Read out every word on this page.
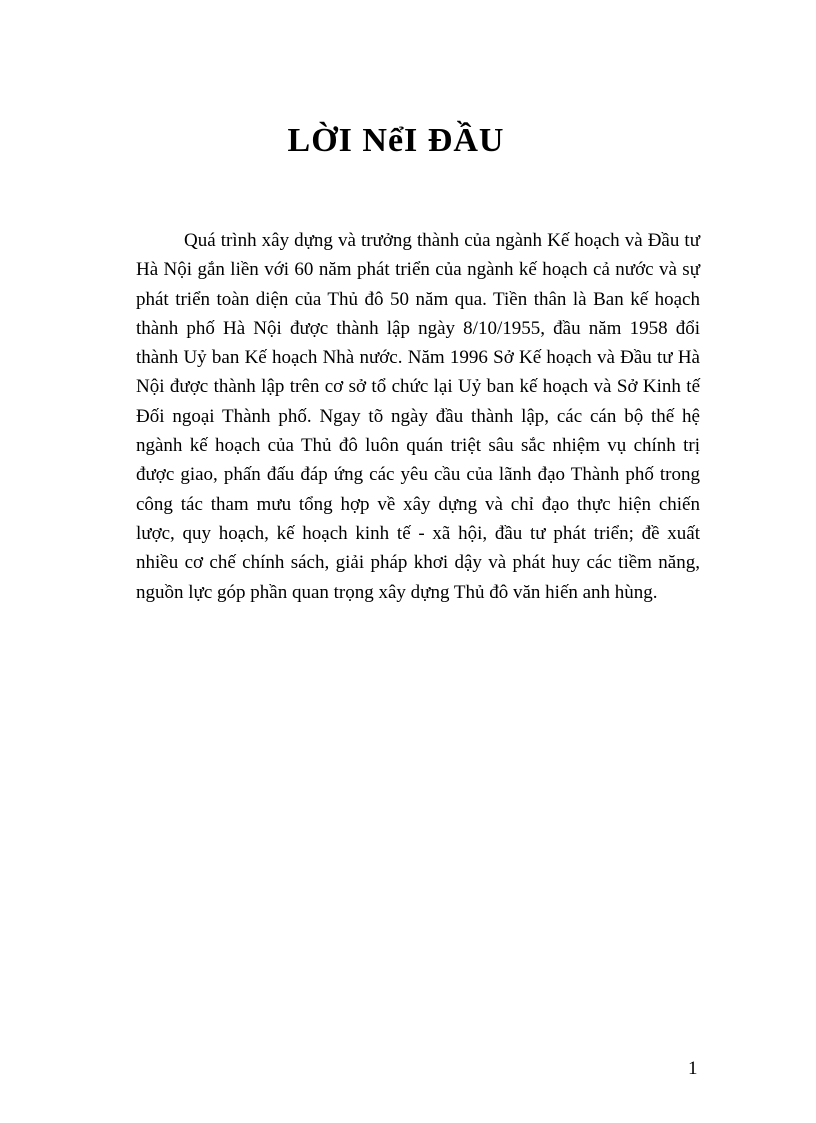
LỜI NểI ĐẦU

Quá trình xây dựng và trưởng thành của ngành Kế hoạch và Đầu tư Hà Nội gắn liền với 60 năm phát triển của ngành kế hoạch cả nước và sự phát triển toàn diện của Thủ đô 50 năm qua. Tiền thân là Ban kế hoạch thành phố Hà Nội được thành lập ngày 8/10/1955, đầu năm 1958 đổi thành Uỷ ban Kế hoạch Nhà nước. Năm 1996 Sở Kế hoạch và Đầu tư Hà Nội được thành lập trên cơ sở tổ chức lại Uỷ ban kế hoạch và Sở Kinh tế Đối ngoại Thành phố. Ngay tõ ngày đầu thành lập, các cán bộ thế hệ ngành kế hoạch của Thủ đô luôn quán triệt sâu sắc nhiệm vụ chính trị được giao, phấn đấu đáp ứng các yêu cầu của lãnh đạo Thành phố trong công tác tham mưu tổng hợp về xây dựng và chỉ đạo thực hiện chiến lược, quy hoạch, kế hoạch kinh tế - xã hội, đầu tư phát triển; đề xuất nhiều cơ chế chính sách, giải pháp khơi dậy và phát huy các tiềm năng, nguồn lực góp phần quan trọng xây dựng Thủ đô văn hiến anh hùng.

1
